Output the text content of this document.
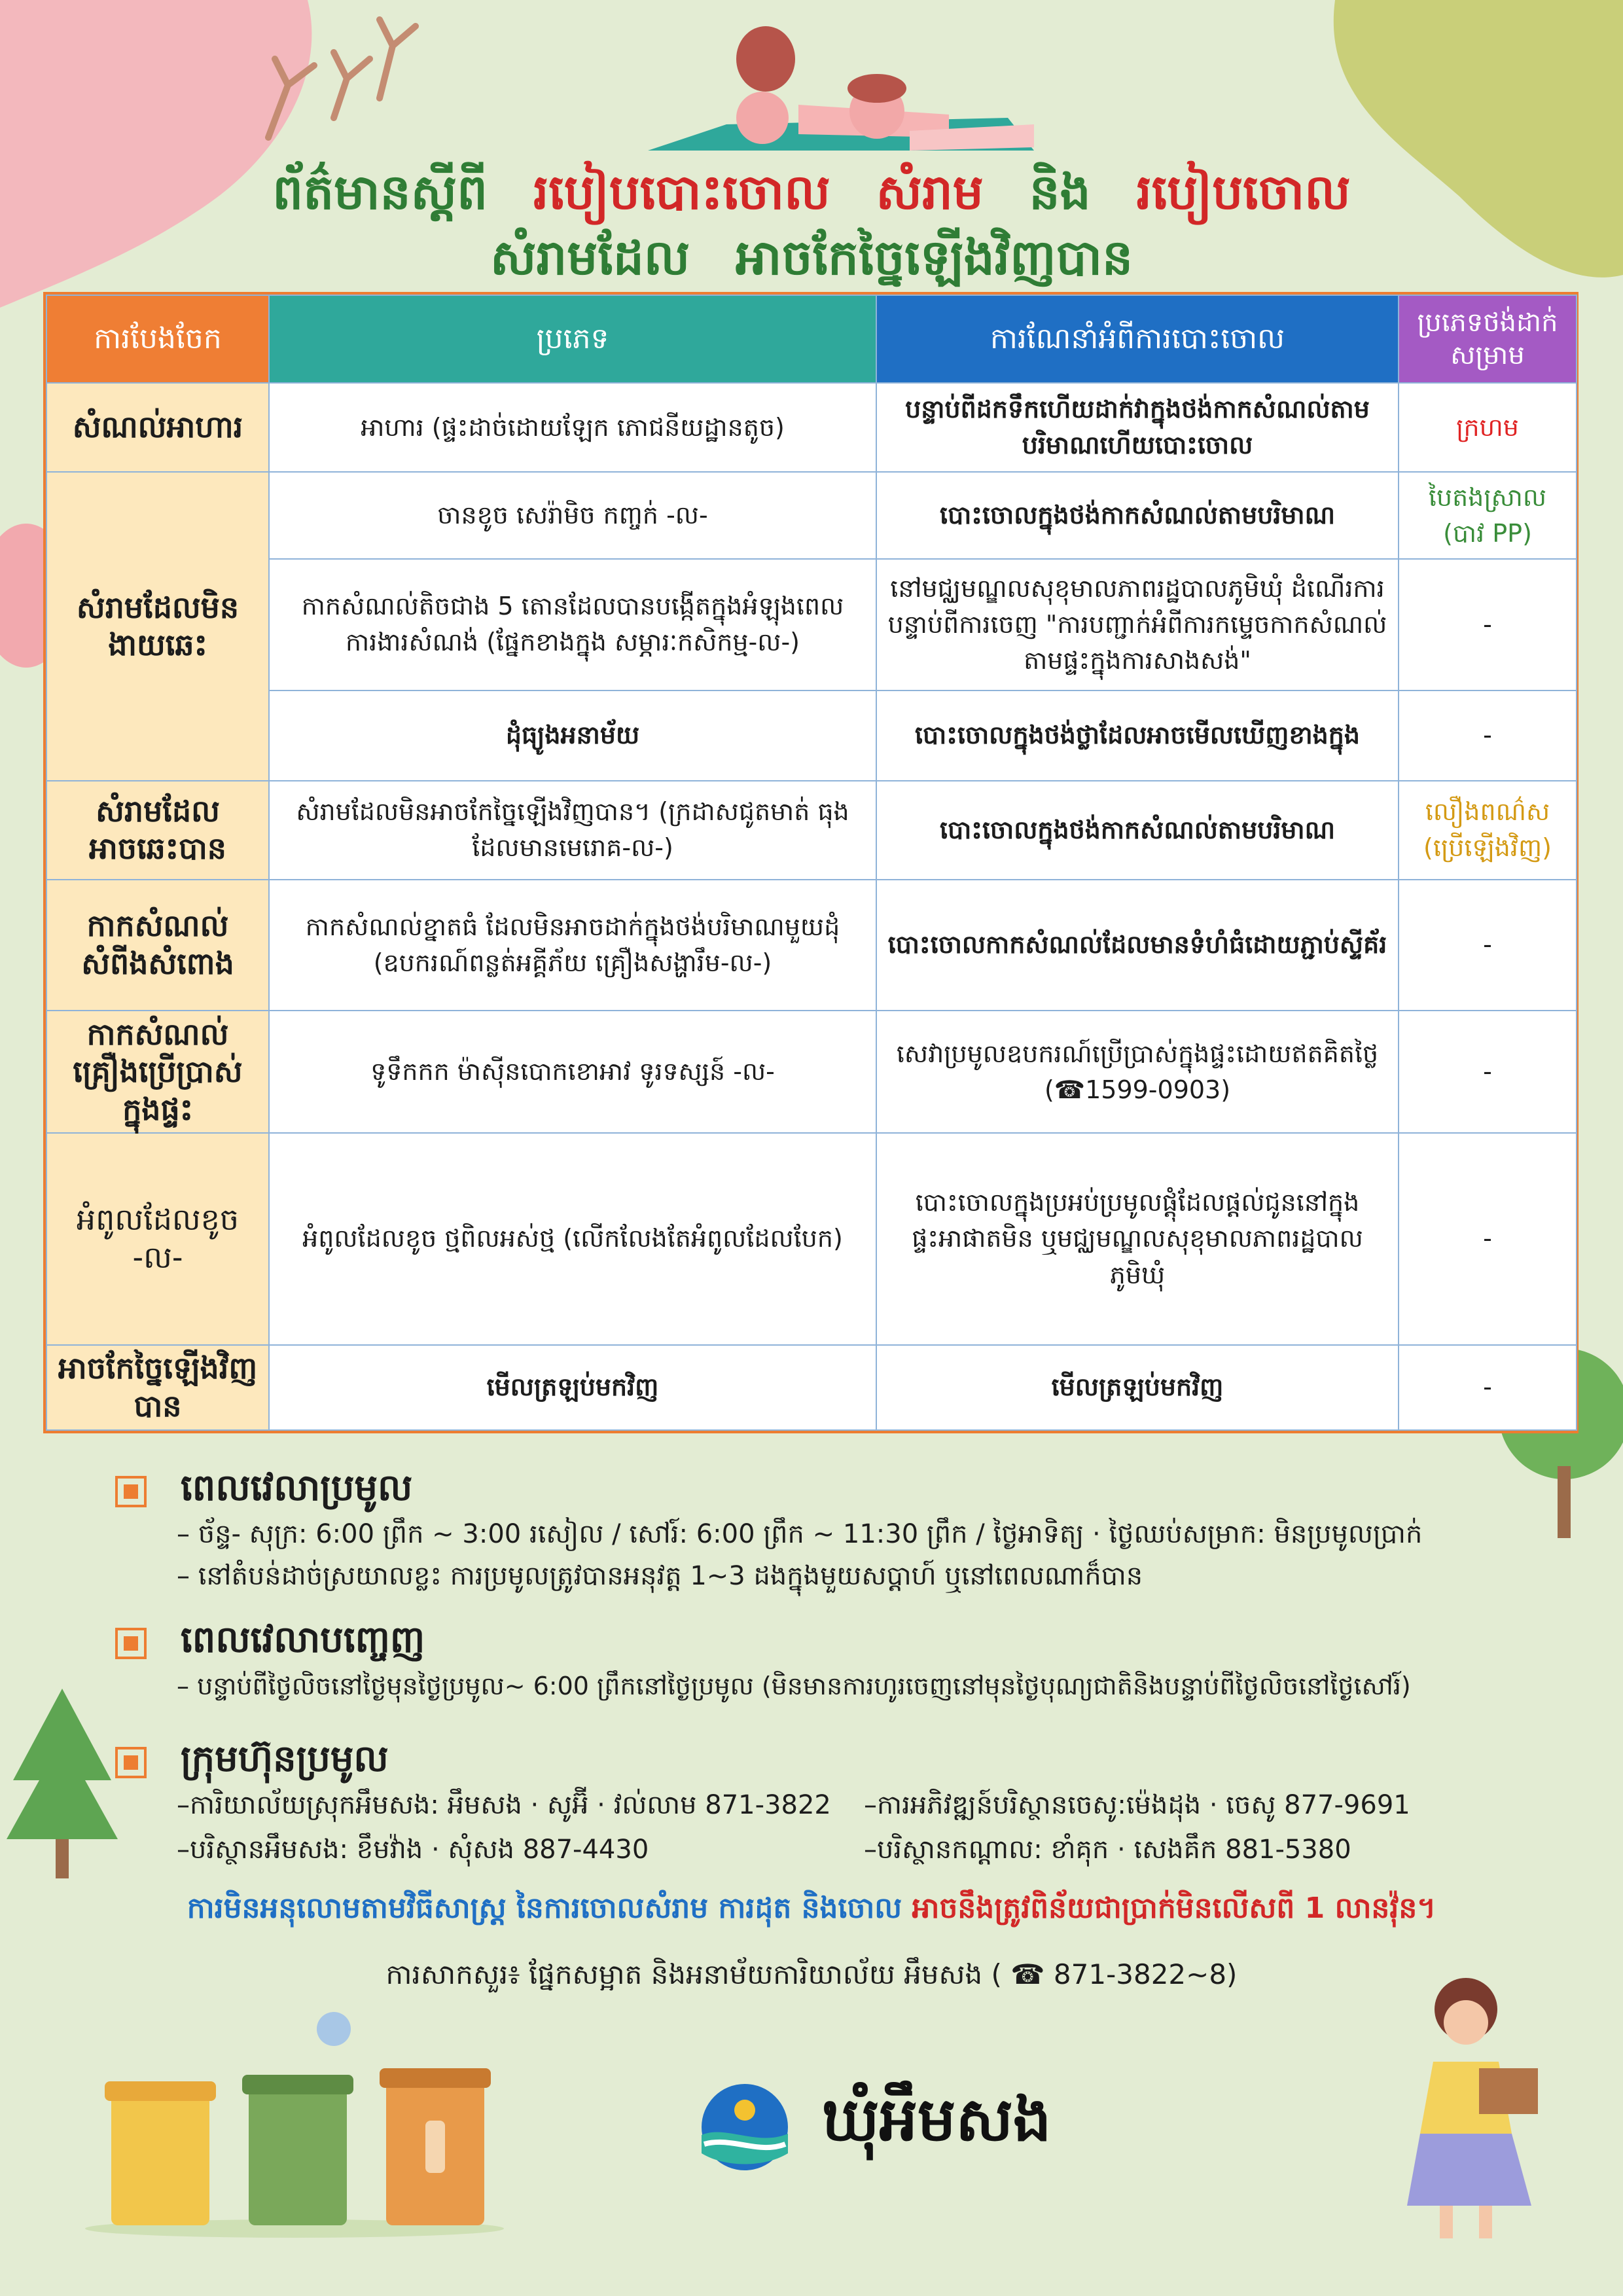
ព័ត៌មានស្ដីពី របៀបបោះចោល សំរាម និង របៀបចោល
សំរាមដែល អាចកែច្នៃឡើងវិញបាន
ការបែងចែក	ប្រភេទ	ការណែនាំអំពីការបោះចោល	ប្រភេទថង់ដាក់សម្រាម
សំណល់អាហារ	អាហារ (ផ្ទះដាច់ដោយឡែក ភោជនីយដ្ឋានតូច)	បន្ទាប់ពីដកទឹកហើយដាក់វាក្នុងថង់កាកសំណល់តាមបរិមាណហើយបោះចោល	ក្រហម
សំរាមដែលមិនងាយឆេះ	ចានខូច សេរ៉ាមិច កញ្ចក់ -ល-	បោះចោលក្នុងថង់កាកសំណល់តាមបរិមាណ	បៃតងស្រាល (បាវ PP)
	កាកសំណល់តិចជាង 5 តោនដែលបានបង្កើតក្នុងអំឡុងពេលការងារសំណង់ (ផ្នែកខាងក្នុង សម្ភារៈកសិកម្ម-ល-)	នៅមជ្ឈមណ្ឌលសុខុមាលភាពរដ្ឋបាលភូមិឃុំ ដំណើរការបន្ទាប់ពីការចេញ "ការបញ្ជាក់អំពីការកម្ទេចកាកសំណល់តាមផ្ទះក្នុងការសាងសង់"	-
	ដុំធ្យូងអនាម័យ	បោះចោលក្នុងថង់ថ្លាដែលអាចមើលឃើញខាងក្នុង	-
សំរាមដែលអាចឆេះបាន	សំរាមដែលមិនអាចកែច្នៃឡើងវិញបាន។ (ក្រដាសជូតមាត់ ធុងដែលមានមេរោគ-ល-)	បោះចោលក្នុងថង់កាកសំណល់តាមបរិមាណ	លឿងពណ៌ស (ប្រើឡើងវិញ)
កាកសំណល់សំពីងសំពោង	កាកសំណល់ខ្នាតធំ ដែលមិនអាចដាក់ក្នុងថង់បរិមាណមួយដុំ (ឧបករណ៍ពន្លត់អគ្គីភ័យ គ្រឿងសង្ហារឹម-ល-)	បោះចោលកាកសំណល់ដែលមានទំហំធំដោយភ្ជាប់ស្ទីគ័រ	-
កាកសំណល់គ្រឿងប្រើប្រាស់ក្នុងផ្ទះ	ទូទឹកកក ម៉ាស៊ីនបោកខោអាវ ទូរទស្សន៍ -ល-	សេវាប្រមូលឧបករណ៍ប្រើប្រាស់ក្នុងផ្ទះដោយឥតគិតថ្លៃ (☎1599-0903)	-
អំពូលដែលខូច -ល-	អំពូលដែលខូច ថ្មពិលអស់ថ្ម (លើកលែងតែអំពូលដែលបែក)	បោះចោលក្នុងប្រអប់ប្រមូលផ្ដុំដែលផ្ដល់ជូននៅក្នុង ផ្ទះអាផាតមិន ឬមជ្ឈមណ្ឌលសុខុមាលភាពរដ្ឋបាល ភូមិឃុំ	-
អាចកែច្នៃឡើងវិញបាន	មើលត្រឡប់មកវិញ	មើលត្រឡប់មកវិញ	-
ពេលវេលាប្រមូល
– ច័ន្ទ- សុក្រ: 6:00 ព្រឹក ~ 3:00 រសៀល / សៅរ៍: 6:00 ព្រឹក ~ 11:30 ព្រឹក / ថ្ងៃអាទិត្យ · ថ្ងៃឈប់សម្រាក: មិនប្រមូលប្រាក់
– នៅតំបន់ដាច់ស្រយាលខ្លះ ការប្រមូលត្រូវបានអនុវត្ត 1~3 ដងក្នុងមួយសប្ដាហ៍ ឬនៅពេលណាក៏បាន
ពេលវេលាបញ្ចេញ
– បន្ទាប់ពីថ្ងៃលិចនៅថ្ងៃមុនថ្ងៃប្រមូល~ 6:00 ព្រឹកនៅថ្ងៃប្រមូល (មិនមានការហូរចេញនៅមុនថ្ងៃបុណ្យជាតិនិងបន្ទាប់ពីថ្ងៃលិចនៅថ្ងៃសៅរ៍)
ក្រុមហ៊ុនប្រមូល
–ការិយាល័យស្រុកអឹមសង: អឹមសង · សូអ៊ី · វល់លាម 871-3822 –ការអភិវឌ្ឍន៍បរិស្ថានចេសូ:ម៉េងដុង · ចេសូ 877-9691
–បរិស្ថានអឹមសង: ខឹមវ៉ាង · សុំសង 887-4430	–បរិស្ថានកណ្ដាល: ខាំគុក · សេងគឹក 881-5380
ការមិនអនុលោមតាមវិធីសាស្ត្រ នៃការចោលសំរាម ការដុត និងចោល អាចនឹងត្រូវពិន័យជាប្រាក់មិនលើសពី 1 លានវ៉ុន។
ការសាកសួរ៖ ផ្នែកសម្អាត និងអនាម័យការិយាល័យ អឹមសង ( ☎ 871-3822~8)
ឃុំអឹមសង
